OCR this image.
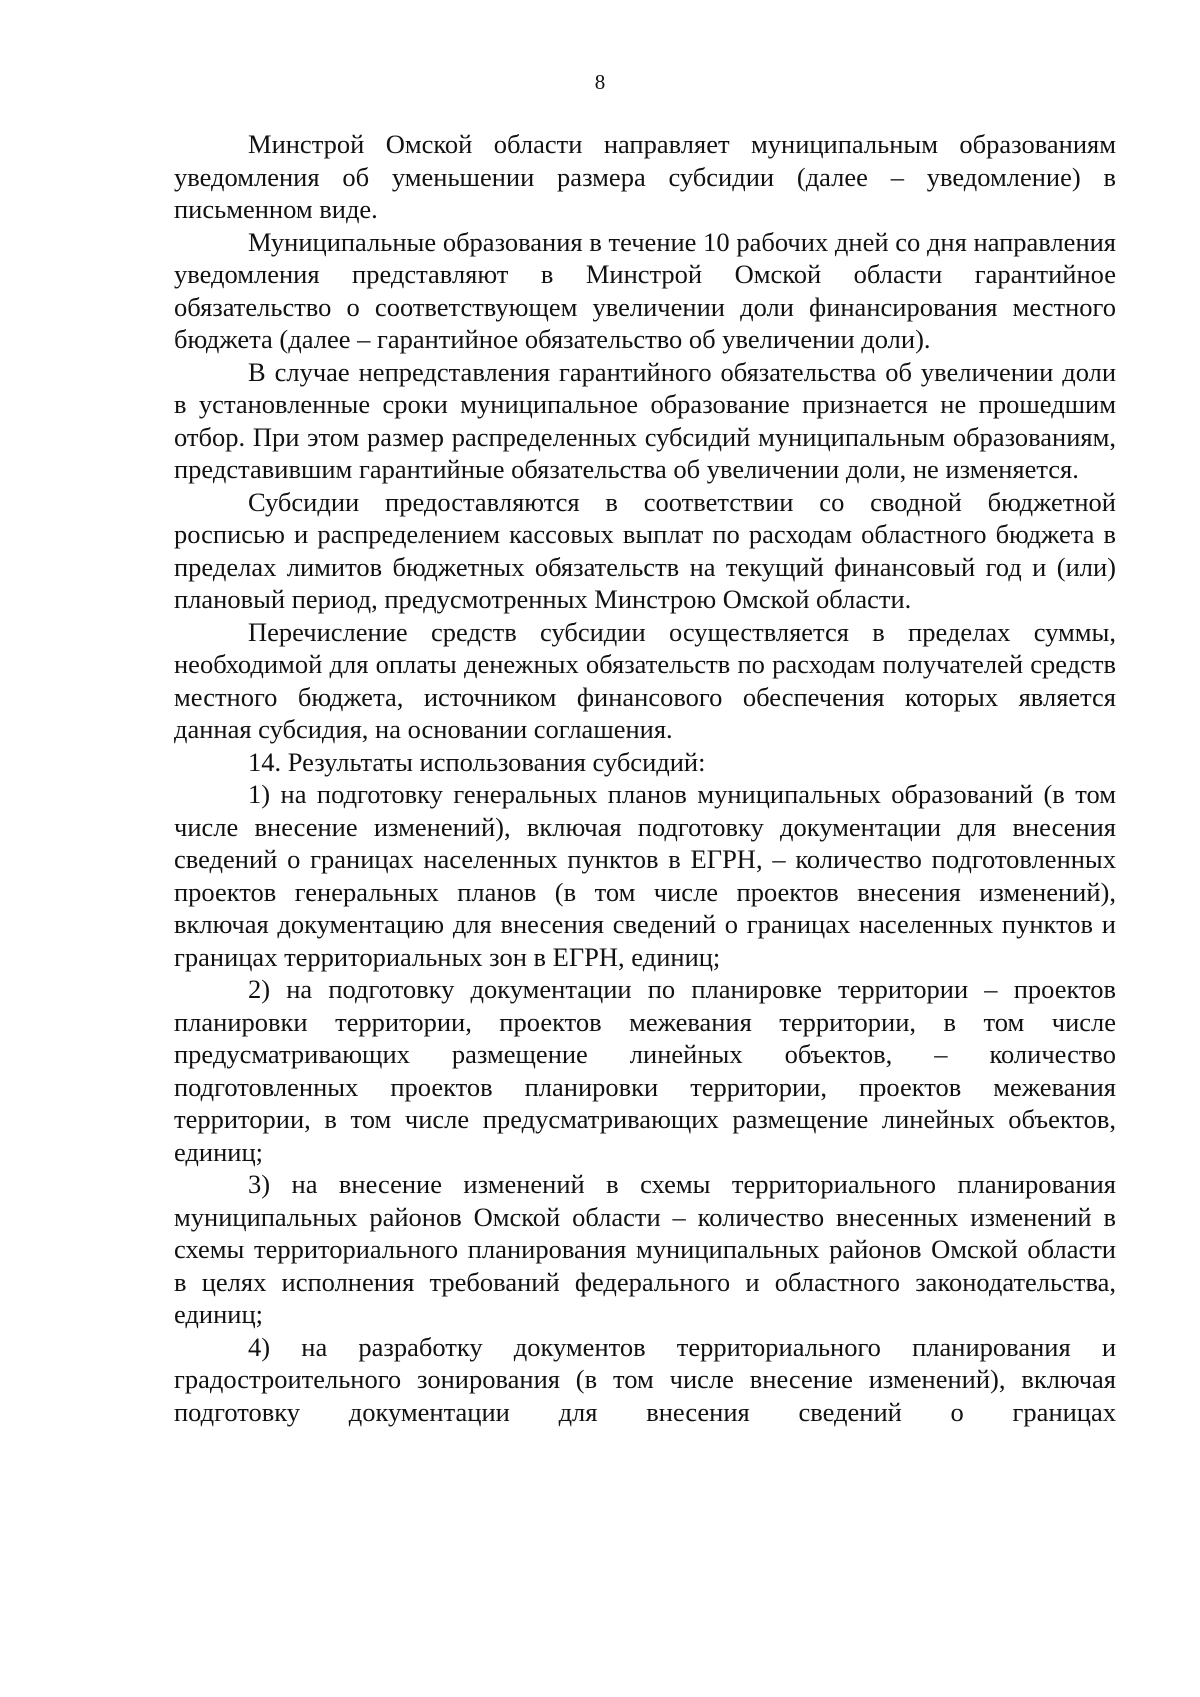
8

Минстрой Омской области направляет муниципальным образованиям уведомления об уменьшении размера субсидии (далее – уведомление) в письменном виде.

Муниципальные образования в течение 10 рабочих дней со дня направления уведомления представляют в Минстрой Омской области гарантийное обязательство о соответствующем увеличении доли финансирования местного бюджета (далее – гарантийное обязательство об увеличении доли).

В случае непредставления гарантийного обязательства об увеличении доли в установленные сроки муниципальное образование признается не прошедшим отбор. При этом размер распределенных субсидий муниципальным образованиям, представившим гарантийные обязательства об увеличении доли, не изменяется.

Субсидии предоставляются в соответствии со сводной бюджетной росписью и распределением кассовых выплат по расходам областного бюджета в пределах лимитов бюджетных обязательств на текущий финансовый год и (или) плановый период, предусмотренных Минстрою Омской области.

Перечисление средств субсидии осуществляется в пределах суммы, необходимой для оплаты денежных обязательств по расходам получателей средств местного бюджета, источником финансового обеспечения которых является данная субсидия, на основании соглашения.

14. Результаты использования субсидий:

1) на подготовку генеральных планов муниципальных образований (в том числе внесение изменений), включая подготовку документации для внесения сведений о границах населенных пунктов в ЕГРН, – количество подготовленных проектов генеральных планов (в том числе проектов внесения изменений), включая документацию для внесения сведений о границах населенных пунктов и границах территориальных зон в ЕГРН, единиц;

2) на подготовку документации по планировке территории – проектов планировки территории, проектов межевания территории, в том числе предусматривающих размещение линейных объектов, – количество подготовленных проектов планировки территории, проектов межевания территории, в том числе предусматривающих размещение линейных объектов, единиц;

3) на внесение изменений в схемы территориального планирования муниципальных районов Омской области – количество внесенных изменений в схемы территориального планирования муниципальных районов Омской области в целях исполнения требований федерального и областного законодательства, единиц;

4) на разработку документов территориального планирования и градостроительного зонирования (в том числе внесение изменений), включая подготовку документации для внесения сведений о границах
